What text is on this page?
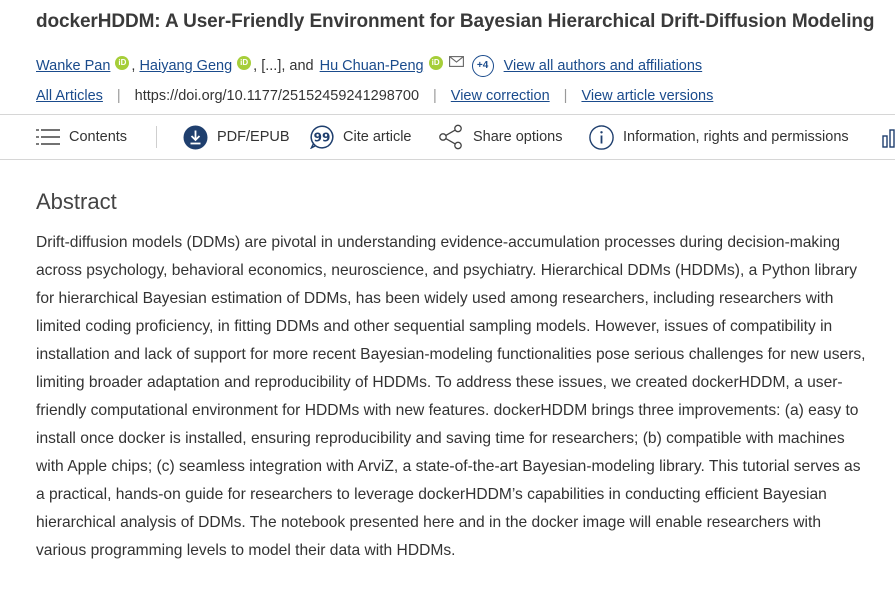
dockerHDDM: A User-Friendly Environment for Bayesian Hierarchical Drift-Diffusion Modeling
Wanke Pan	iD , Haiyang Geng	iD , [...], and Hu Chuan-Peng	iD	+4	View all authors and affiliations
All Articles | https://doi.org/10.1177/25152459241298700 | View correction | View article versions
Contents	PDF/EPUB 99 Cite article	Share options	Information, rights and permissions
Abstract

Drift-diffusion models (DDMs) are pivotal in understanding evidence-accumulation processes during decision-making across psychology, behavioral economics, neuroscience, and psychiatry. Hierarchical DDMs (HDDMs), a Python library for hierarchical Bayesian estimation of DDMs, has been widely used among researchers, including researchers with limited coding proficiency, in fitting DDMs and other sequential sampling models. However, issues of compatibility in installation and lack of support for more recent Bayesian-modeling functionalities pose serious challenges for new users, limiting broader adaptation and reproducibility of HDDMs. To address these issues, we created dockerHDDM, a user-friendly computational environment for HDDMs with new features. dockerHDDM brings three improvements: (a) easy to install once docker is installed, ensuring reproducibility and saving time for researchers; (b) compatible with machines with Apple chips; (c) seamless integration with ArviZ, a state-of-the-art Bayesian-modeling library. This tutorial serves as a practical, hands-on guide for researchers to leverage dockerHDDM’s capabilities in conducting efficient Bayesian hierarchical analysis of DDMs. The notebook presented here and in the docker image will enable researchers with various programming levels to model their data with HDDMs.
